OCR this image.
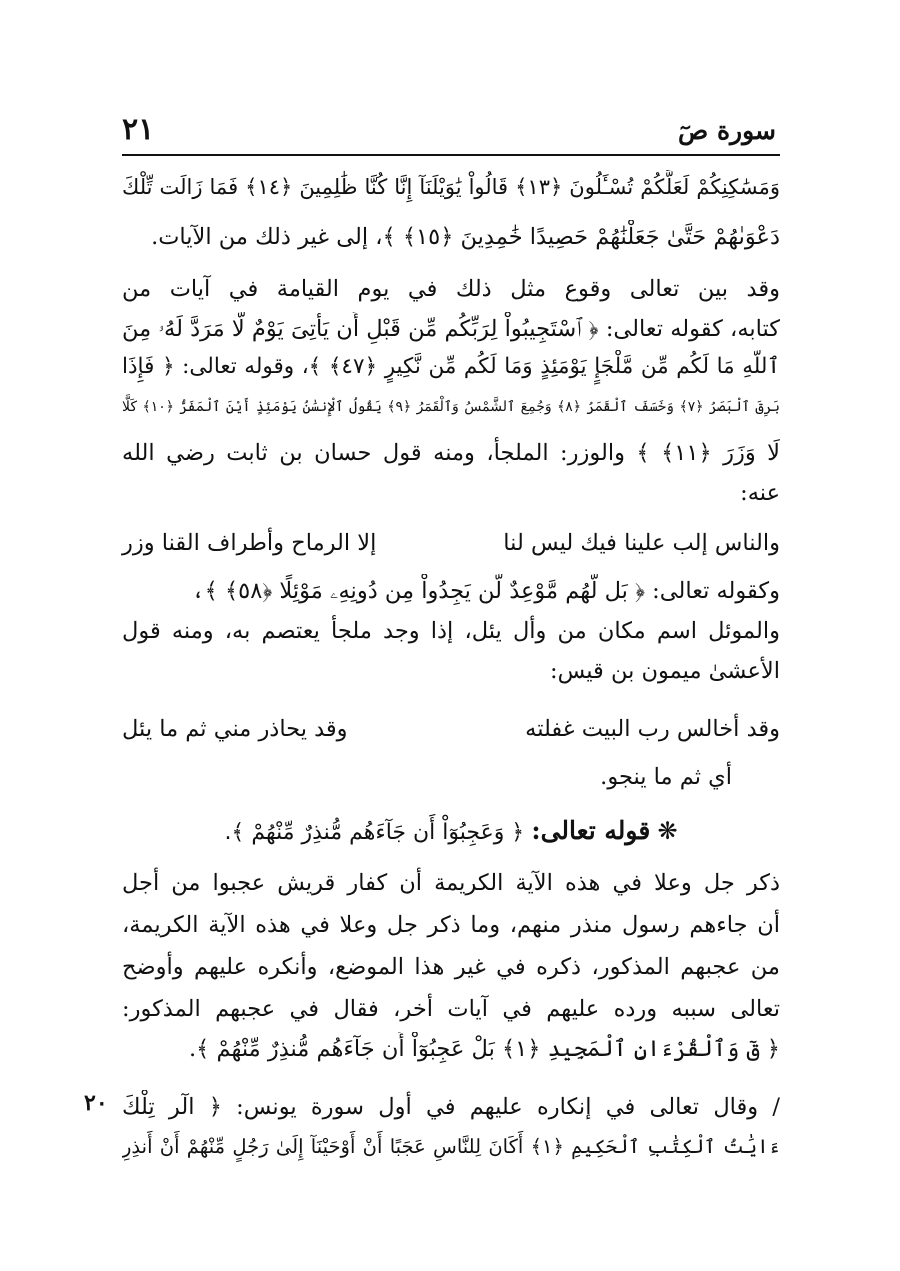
سورة صٓ
٢١
وَمَسَٰكِنِكُمْ لَعَلَّكُمْ تُسْـَٔلُونَ ﴿١٣﴾ قَالُواْ يَٰوَيْلَنَآ إِنَّا كُنَّا ظَٰلِمِينَ ﴿١٤﴾ فَمَا زَالَت تِّلْكَ
دَعْوَىٰهُمْ حَتَّىٰ جَعَلْنَٰهُمْ حَصِيدًا خَٰمِدِينَ ﴿١٥﴾ ﴾، إلى غير ذلك من الآيات.
وقد بين تعالى وقوع مثل ذلك في يوم القيامة في آيات من
كتابه، كقوله تعالى: ﴿ ٱسْتَجِيبُواْ لِرَبِّكُم مِّن قَبْلِ أَن يَأْتِىَ يَوْمٌ لَّا مَرَدَّ لَهُۥ مِنَ
ٱللَّهِ مَا لَكُم مِّن مَّلْجَإٍ يَوْمَئِذٍ وَمَا لَكُم مِّن نَّكِيرٍ ﴿٤٧﴾ ﴾، وقوله تعالى: ﴿ فَإِذَا
بَرِقَ ٱلْبَصَرُ ﴿٧﴾ وَخَسَفَ ٱلْقَمَرُ ﴿٨﴾ وَجُمِعَ ٱلشَّمْسُ وَٱلْقَمَرُ ﴿٩﴾ يَقُولُ ٱلْإِنسَٰنُ يَوْمَئِذٍ أَيْنَ ٱلْمَفَرُّ ﴿١٠﴾ كَلَّا
لَا وَزَرَ ﴿١١﴾ ﴾ والوزر: الملجأ، ومنه قول حسان بن ثابت رضي الله
عنه:
والناس إلب علينا فيك ليس لنا
إلا الرماح وأطراف القنا وزر
وكقوله تعالى: ﴿ بَل لَّهُم مَّوْعِدٌ لَّن يَجِدُواْ مِن دُونِهِۦ مَوْئِلًا ﴿٥٨﴾ ﴾،
والموئل اسم مكان من وأل يئل، إذا وجد ملجأ يعتصم به، ومنه قول
الأعشىٰ ميمون بن قيس:
وقد أخالس رب البيت غفلته
وقد يحاذر مني ثم ما يئل
أي ثم ما ينجو.
❋ قوله تعالى: ﴿ وَعَجِبُوٓاْ أَن جَآءَهُم مُّنذِرٌ مِّنْهُمْ ﴾.
ذكر جل وعلا في هذه الآية الكريمة أن كفار قريش عجبوا من أجل
أن جاءهم رسول منذر منهم، وما ذكر جل وعلا في هذه الآية الكريمة،
من عجبهم المذكور، ذكره في غير هذا الموضع، وأنكره عليهم وأوضح
تعالى سببه ورده عليهم في آيات أخر، فقال في عجبهم المذكور:
﴿ قٓ وَٱلْقُرْءَانِ ٱلْمَجِيدِ ﴿١﴾ بَلْ عَجِبُوٓاْ أَن جَآءَهُم مُّنذِرٌ مِّنْهُمْ ﴾.
/ وقال تعالى في إنكاره عليهم في أول سورة يونس: ﴿ الٓر تِلْكَ
٢٠
ءَايَٰتُ ٱلْكِتَٰبِ ٱلْحَكِيمِ ﴿١﴾ أَكَانَ لِلنَّاسِ عَجَبًا أَنْ أَوْحَيْنَآ إِلَىٰ رَجُلٍ مِّنْهُمْ أَنْ أَنذِرِ
